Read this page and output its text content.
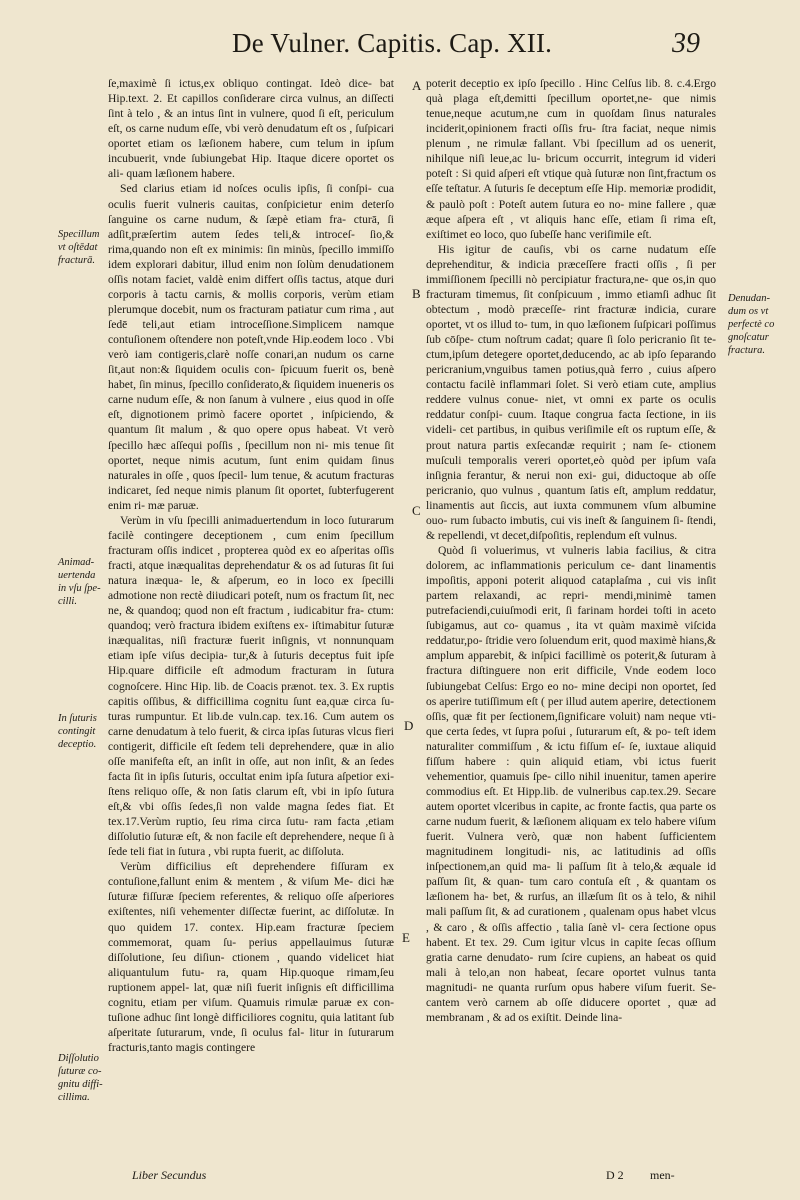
De Vulner. Capitis. Cap. XII.	39

ſe,maximè ſi ictus,ex obliquo contingat. Ideò dice- bat Hip.text. 2. Et capillos conſiderare circa vulnus, an diſſecti ſint à telo , & an intus ſint in vulnere, quod ſi eſt, periculum eſt, os carne nudum eſſe, vbi verò denudatum eſt os , ſuſpicari oportet etiam os læſionem habere, cum telum in ipſum incubuerit, vnde ſubiungebat Hip. Itaque dicere oportet os ali- quam læſionem habere.

Sed clarius etiam id noſces oculis ipſis, ſi conſpi- cua oculis fuerit vulneris cauitas, conſpicietur enim deterſo ſanguine os carne nudum, & ſæpè etiam fra- cturā, ſi adſit,præſertim autem ſedes teli,& introceſ- ſio,& rima,quando non eſt ex minimis: ſin minùs, ſpecillo immiſſo idem explorari dabitur, illud enim non ſolùm denudationem oſſis notam faciet, valdè enim differt oſſis tactus, atque duri corporis à tactu carnis, & mollis corporis, verùm etiam plerumque docebit, num os fracturam patiatur cum rima , aut ſedē teli,aut etiam introceſſione.Simplicem namque contuſionem oſtendere non poteſt,vnde Hip.eodem loco . Vbi verò iam contigeris,clarè noſſe conari,an nudum os carne ſit,aut non:& ſiquidem oculis con- ſpicuum fuerit os, benè habet, ſin minus, ſpecillo conſiderato,& ſiquidem inueneris os carne nudum eſſe, & non ſanum à vulnere , eius quod in oſſe eſt, dignotionem primò facere oportet , inſpiciendo, & quantum ſit malum , & quo opere opus habeat. Vt verò ſpecillo hæc aſſequi poſſis , ſpecillum non ni- mis tenue ſit oportet, neque nimis acutum, ſunt enim quidam ſinus naturales in oſſe , quos ſpecil- lum tenue, & acutum fracturas indicaret, ſed neque nimis planum ſit oportet, ſubterfugerent enim ri- mæ paruæ.

Verùm in vſu ſpecilli animaduertendum in loco ſuturarum facilè contingere deceptionem , cum enim ſpecillum fracturam oſſis indicet , propterea quòd ex eo aſperitas oſſis fracti, atque inæqualitas deprehendatur & os ad ſuturas ſit ſui natura inæqua- le, & aſperum, eo in loco ex ſpecilli admotione non rectè diiudicari poteſt, num os fractum ſit, nec ne, & quandoq; quod non eſt fractum , iudicabitur fra- ctum: quandoq; verò fractura ibidem exiſtens ex- iſtimabitur ſuturæ inæqualitas, niſi fracturæ fuerit inſignis, vt nonnunquam etiam ipſe viſus decipia- tur,& à ſuturis deceptus fuit ipſe Hip.quare difficile eſt admodum fracturam in ſutura cognoſcere. Hinc Hip. lib. de Coacis prænot. tex. 3. Ex ruptis capitis oſſibus, & difficillima cognitu ſunt ea,quæ circa ſu- turas rumpuntur. Et lib.de vuln.cap. tex.16. Cum autem os carne denudatum à telo fuerit, & circa ipſas ſuturas vlcus fieri contigerit, difficile eſt ſedem teli deprehendere, quæ in alio oſſe manifeſta eſt, an inſit in oſſe, aut non inſit, & an ſedes facta ſit in ipſis ſuturis, occultat enim ipſa ſutura aſpetior exi- ſtens reliquo oſſe, & non ſatis clarum eſt, vbi in ipſo ſutura eſt,& vbi oſſis ſedes,ſi non valde magna ſedes fiat. Et tex.17.Verùm ruptio, ſeu rima circa ſutu- ram facta ,etiam diſſolutio ſuturæ eſt, & non facile eſt deprehendere, neque ſi à ſede teli fiat in ſutura , vbi rupta fuerit, ac diſſoluta.

Verùm difficilius eſt deprehendere fiſſuram ex contuſione,fallunt enim & mentem , & viſum Me- dici hæ ſuturæ fiſſuræ ſpeciem referentes, & reliquo oſſe aſperiores exiſtentes, niſi vehementer diſſectæ fuerint, ac diſſolutæ. In quo quidem 17. contex. Hip.eam fracturæ ſpeciem commemorat, quam ſu- perius appellauimus ſuturæ diſſolutione, ſeu diſiun- ctionem , quando videlicet hiat aliquantulum futu- ra, quam Hip.quoque rimam,ſeu ruptionem appel- lat, quæ niſi fuerit inſignis eſt difficillima cognitu, etiam per viſum. Quamuis rimulæ paruæ ex con- tuſione adhuc ſint longè difficiliores cognitu, quia latitant ſub aſperitate ſuturarum, vnde, ſi oculus fal- litur in ſuturarum fracturis,tanto magis contingere

poterit deceptio ex ipſo ſpecillo . Hinc Celſus lib. 8. c.4.Ergo quà plaga eſt,demitti ſpecillum oportet,ne- que nimis tenue,neque acutum,ne cum in quoſdam ſinus naturales inciderit,opinionem fracti oſſis fru- ſtra faciat, neque nimis plenum , ne rimulæ fallant. Vbi ſpecillum ad os uenerit, nihilque niſi leue,ac lu- bricum occurrit, integrum id videri poteſt : Si quid aſperi eſt vtique quà ſuturæ non ſint,fractum os eſſe teſtatur. A ſuturis ſe deceptum eſſe Hip. memoriæ prodidit, & paulò poſt : Poteſt autem ſutura eo no- mine fallere , quæ æque aſpera eſt , vt aliquis hanc eſſe, etiam ſi rima eſt, exiſtimet eo loco, quo ſubeſſe hanc veriſimile eſt.

His igitur de cauſis, vbi os carne nudatum eſſe deprehenditur, & indicia præceſſere fracti oſſis , ſi per immiſſionem ſpecilli nò percipiatur fractura,ne- que os,in quo fracturam timemus, ſit conſpicuum , immo etiamſi adhuc ſit obtectum , modò præceſſe- rint fracturæ indicia, curare oportet, vt os illud to- tum, in quo læſionem ſuſpicari poſſimus ſub cōſpe- ctum noſtrum cadat; quare ſi ſolo pericranio ſit te- ctum,ipſum detegere oportet,deducendo, ac ab ipſo ſeparando pericranium,vnguibus tamen potius,quà ferro , cuius aſpero contactu facilè inflammari ſolet. Si verò etiam cute, amplius reddere vulnus conue- niet, vt omni ex parte os oculis reddatur conſpi- cuum. Itaque congrua facta ſectione, in iis videli- cet partibus, in quibus veriſimile eſt os ruptum eſſe, & prout natura partis exſecandæ requirit ; nam ſe- ctionem muſculi temporalis vereri oportet,eò quòd per ipſum vaſa inſignia ferantur, & nerui non exi- gui, diductoque ab oſſe pericranio, quo vulnus , quantum ſatis eſt, amplum reddatur, linamentis aut ſiccis, aut iuxta communem vſum albumine ouo- rum ſubacto imbutis, cui vis ineſt & ſanguinem ſi- ſtendi, & repellendi, vt decet,diſpoſitis, replendum eſt vulnus.

Quòd ſi voluerimus, vt vulneris labia facilius, & citra dolorem, ac inflammationis periculum ce- dant linamentis impoſitis, apponi poterit aliquod cataplaſma , cui vis inſit partem relaxandi, ac repri- mendi,minimè tamen putrefaciendi,cuiuſmodi erit, ſi farinam hordei toſti in aceto ſubigamus, aut co- quamus , ita vt quàm maximè viſcida reddatur,po- ſtridie vero ſoluendum erit, quod maximè hians,& amplum apparebit, & inſpici facillimè os poterit,& ſuturam à fractura diſtinguere non erit difficile, Vnde eodem loco ſubiungebat Celſus: Ergo eo no- mine decipi non oportet, ſed os aperire tutiſſimum eſt ( per illud autem aperire, detectionem oſſis, quæ fit per ſectionem,ſignificare voluit) nam neque vti- que certa ſedes, vt ſupra poſui , ſuturarum eſt, & po- teſt idem naturaliter commiſſum , & ictu fiſſum eſ- ſe, iuxtaue aliquid fiſſum habere : quin aliquid etiam, vbi ictus fuerit vehementior, quamuis ſpe- cillo nihil inuenitur, tamen aperire commodius eſt. Et Hipp.lib. de vulneribus cap.tex.29. Secare autem oportet vlceribus in capite, ac fronte factis, qua parte os carne nudum fuerit, & læſionem aliquam ex telo habere viſum fuerit. Vulnera verò, quæ non habent ſufficientem magnitudinem longitudi- nis, ac latitudinis ad oſſis inſpectionem,an quid ma- li paſſum ſit à telo,& æquale id paſſum ſit, & quan- tum caro contuſa eſt , & quantam os læſionem ha- bet, & rurſus, an illæſum ſit os à telo, & nihil mali paſſum ſit, & ad curationem , qualenam opus habet vlcus , & caro , & oſſis affectio , talia ſanè vl- cera ſectione opus habent. Et tex. 29. Cum igitur vlcus in capite ſecas oſſium gratia carne denudato- rum ſcire cupiens, an habeat os quid mali à telo,an non habeat, ſecare oportet vulnus tanta magnitudi- ne quanta rurſum opus habere viſum fuerit. Se- cantem verò carnem ab oſſe diducere oportet , quæ ad membranam , & ad os exiſtit. Deinde lina-

Specillum
vt oſtēdat
fracturā.
Animad-
uertenda
in vſu ſpe-
cilli.
In ſuturis
contingit
deceptio.
Diſſolutio
ſuturæ co-
gnitu diffi-
cillima.
Denudan-
dum os vt
perfectè co
gnoſcatur
fractura.
A
B
C
D
E
Liber Secundus	D 2 men-
